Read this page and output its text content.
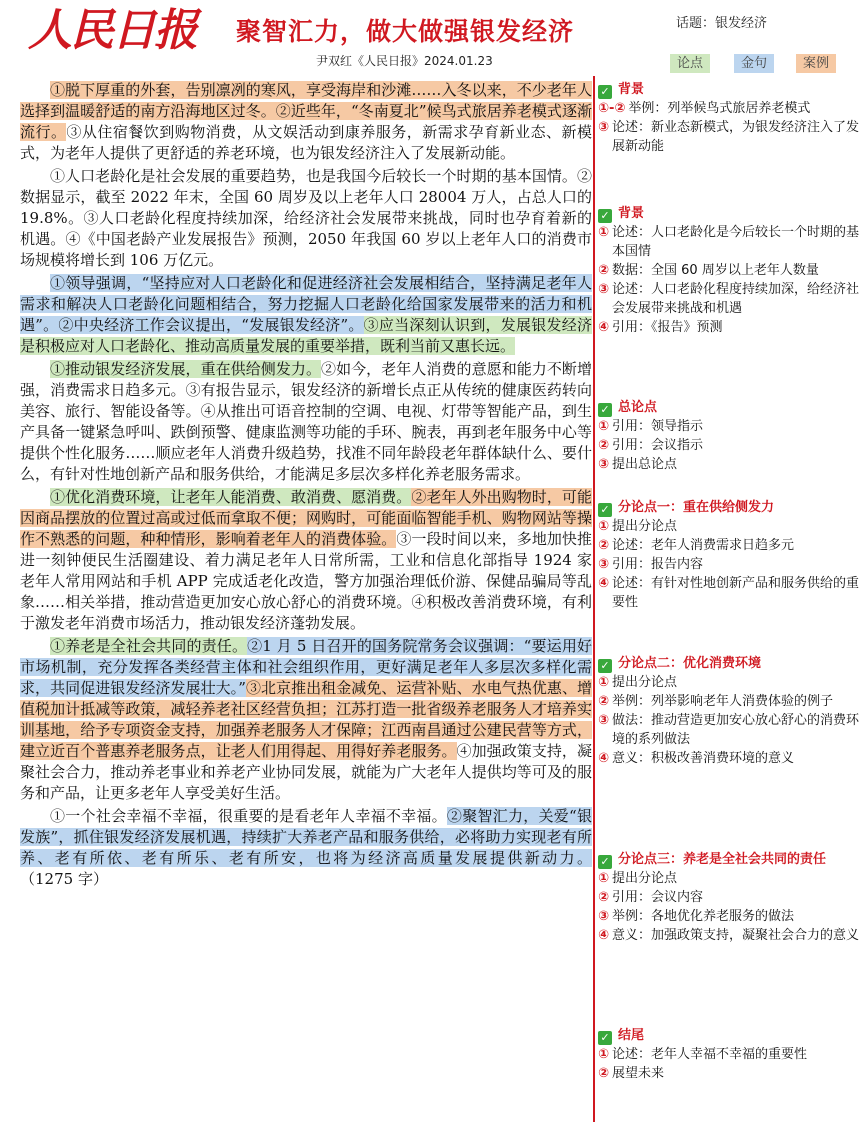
人民日报 聚智汇力，做大做强银发经济	话题：银发经济
尹双红《人民日报》2024.01.23	论点	金句	案例

①脱下厚重的外套，告别凛冽的寒风，享受海岸和沙滩……入冬以来，不少老年人选择到温暖舒适的南方沿海地区过冬。②近些年，“冬南夏北”候鸟式旅居养老模式逐渐流行。③从住宿餐饮到购物消费，从文娱活动到康养服务，新需求孕育新业态、新模式，为老年人提供了更舒适的养老环境，也为银发经济注入了发展新动能。

①人口老龄化是社会发展的重要趋势，也是我国今后较长一个时期的基本国情。②数据显示，截至 2022 年末，全国 60 周岁及以上老年人口 28004 万人，占总人口的 19.8%。③人口老龄化程度持续加深，给经济社会发展带来挑战，同时也孕育着新的机遇。④《中国老龄产业发展报告》预测，2050 年我国 60 岁以上老年人口的消费市场规模将增长到 106 万亿元。

①领导强调，“坚持应对人口老龄化和促进经济社会发展相结合，坚持满足老年人需求和解决人口老龄化问题相结合，努力挖掘人口老龄化给国家发展带来的活力和机遇”。②中央经济工作会议提出，“发展银发经济”。③应当深刻认识到，发展银发经济是积极应对人口老龄化、推动高质量发展的重要举措，既利当前又惠长远。

①推动银发经济发展，重在供给侧发力。②如今，老年人消费的意愿和能力不断增强，消费需求日趋多元。③有报告显示，银发经济的新增长点正从传统的健康医药转向美容、旅行、智能设备等。④从推出可语音控制的空调、电视、灯带等智能产品，到生产具备一键紧急呼叫、跌倒预警、健康监测等功能的手环、腕表，再到老年服务中心等提供个性化服务……顺应老年人消费升级趋势，找准不同年龄段老年群体缺什么、要什么，有针对性地创新产品和服务供给，才能满足多层次多样化养老服务需求。

①优化消费环境，让老年人能消费、敢消费、愿消费。②老年人外出购物时，可能因商品摆放的位置过高或过低而拿取不便；网购时，可能面临智能手机、购物网站等操作不熟悉的问题，种种情形，影响着老年人的消费体验。③一段时间以来，多地加快推进一刻钟便民生活圈建设、着力满足老年人日常所需，工业和信息化部指导 1924 家老年人常用网站和手机 APP 完成适老化改造，警方加强治理低价游、保健品骗局等乱象……相关举措，推动营造更加安心放心舒心的消费环境。④积极改善消费环境，有利于激发老年消费市场活力，推动银发经济蓬勃发展。

①养老是全社会共同的责任。②1 月 5 日召开的国务院常务会议强调：“要运用好市场机制，充分发挥各类经营主体和社会组织作用，更好满足老年人多层次多样化需求，共同促进银发经济发展壮大。”③北京推出租金减免、运营补贴、水电气热优惠、增值税加计抵减等政策，减轻养老社区经营负担；江苏打造一批省级养老服务人才培养实训基地，给予专项资金支持，加强养老服务人才保障；江西南昌通过公建民营等方式，建立近百个普惠养老服务点，让老人们用得起、用得好养老服务。④加强政策支持，凝聚社会合力，推动养老事业和养老产业协同发展，就能为广大老年人提供均等可及的服务和产品，让更多老年人享受美好生活。

①一个社会幸福不幸福，很重要的是看老年人幸福不幸福。②聚智汇力，关爱“银发族”，抓住银发经济发展机遇，持续扩大养老产品和服务供给，必将助力实现老有所养、老有所依、老有所乐、老有所安，也将为经济高质量发展提供新动力。（1275 字）

✓ 背景
①-② 举例：列举候鸟式旅居养老模式
③ 论述：新业态新模式，为银发经济注入了发展新动能
✓ 背景
① 论述：人口老龄化是今后较长一个时期的基本国情
② 数据：全国 60 周岁以上老年人数量
③ 论述：人口老龄化程度持续加深，给经济社会发展带来挑战和机遇
④ 引用：《报告》预测
✓ 总论点
① 引用：领导指示
② 引用：会议指示
③ 提出总论点
✓ 分论点一：重在供给侧发力
① 提出分论点
② 论述：老年人消费需求日趋多元
③ 引用：报告内容
④ 论述：有针对性地创新产品和服务供给的重要性
✓ 分论点二：优化消费环境
① 提出分论点
② 举例：列举影响老年人消费体验的例子
③ 做法：推动营造更加安心放心舒心的消费环境的系列做法
④ 意义：积极改善消费环境的意义
✓ 分论点三：养老是全社会共同的责任
① 提出分论点
② 引用：会议内容
③ 举例：各地优化养老服务的做法
④ 意义：加强政策支持，凝聚社会合力的意义
✓ 结尾
① 论述：老年人幸福不幸福的重要性
② 展望未来
